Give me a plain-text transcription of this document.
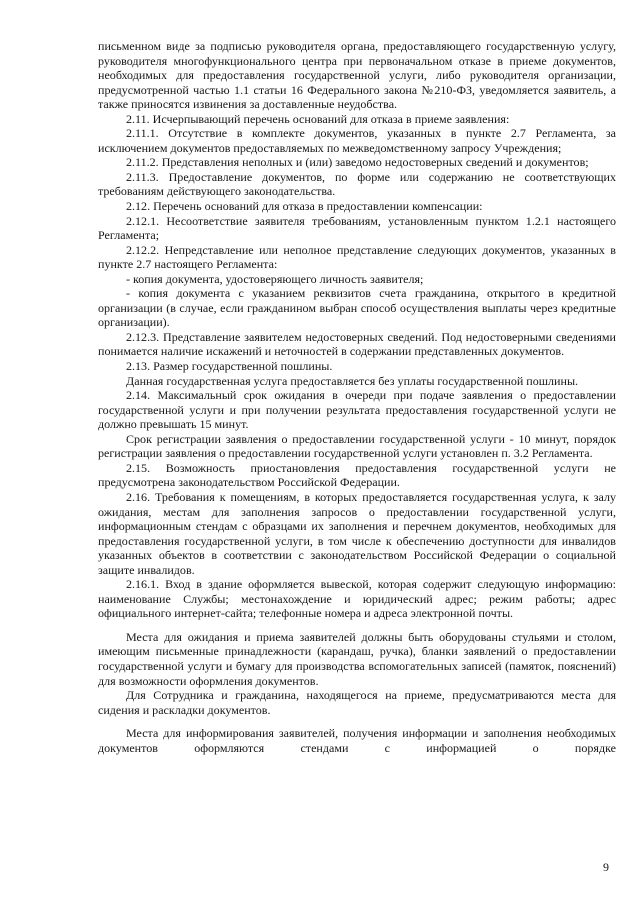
письменном виде за подписью руководителя органа, предоставляющего государственную услугу, руководителя многофункционального центра при первоначальном отказе в приеме документов, необходимых для предоставления государственной услуги, либо руководителя организации, предусмотренной частью 1.1 статьи 16 Федерального закона №210-ФЗ, уведомляется заявитель, а также приносятся извинения за доставленные неудобства.

2.11. Исчерпывающий перечень оснований для отказа в приеме заявления:

2.11.1. Отсутствие в комплекте документов, указанных в пункте 2.7 Регламента, за исключением документов предоставляемых по межведомственному запросу Учреждения;

2.11.2. Представления неполных и (или) заведомо недостоверных сведений и документов;

2.11.3. Предоставление документов, по форме или содержанию не соответствующих требованиям действующего законодательства.

2.12. Перечень оснований для отказа в предоставлении компенсации:

2.12.1. Несоответствие заявителя требованиям, установленным пунктом 1.2.1 настоящего Регламента;

2.12.2. Непредставление или неполное представление следующих документов, указанных в пункте 2.7 настоящего Регламента:

- копия документа, удостоверяющего личность заявителя;

- копия документа с указанием реквизитов счета гражданина, открытого в кредитной организации (в случае, если гражданином выбран способ осуществления выплаты через кредитные организации).

2.12.3. Представление заявителем недостоверных сведений. Под недостоверными сведениями понимается наличие искажений и неточностей в содержании представленных документов.

2.13. Размер государственной пошлины.

Данная государственная услуга предоставляется без уплаты государственной пошлины.

2.14. Максимальный срок ожидания в очереди при подаче заявления о предоставлении государственной услуги и при получении результата предоставления государственной услуги не должно превышать 15 минут.

Срок регистрации заявления о предоставлении государственной услуги - 10 минут, порядок регистрации заявления о предоставлении государственной услуги установлен п. 3.2 Регламента.

2.15. Возможность приостановления предоставления государственной услуги не предусмотрена законодательством Российской Федерации.

2.16. Требования к помещениям, в которых предоставляется государственная услуга, к залу ожидания, местам для заполнения запросов о предоставлении государственной услуги, информационным стендам с образцами их заполнения и перечнем документов, необходимых для предоставления государственной услуги, в том числе к обеспечению доступности для инвалидов указанных объектов в соответствии с законодательством Российской Федерации о социальной защите инвалидов.

2.16.1. Вход в здание оформляется вывеской, которая содержит следующую информацию: наименование Службы; местонахождение и юридический адрес; режим работы; адрес официального интернет-сайта; телефонные номера и адреса электронной почты.

Места для ожидания и приема заявителей должны быть оборудованы стульями и столом, имеющим письменные принадлежности (карандаш, ручка), бланки заявлений о предоставлении государственной услуги и бумагу для производства вспомогательных записей (памяток, пояснений) для возможности оформления документов.

Для Сотрудника и гражданина, находящегося на приеме, предусматриваются места для сидения и раскладки документов.

Места для информирования заявителей, получения информации и заполнения необходимых документов оформляются стендами с информацией о порядке

9
